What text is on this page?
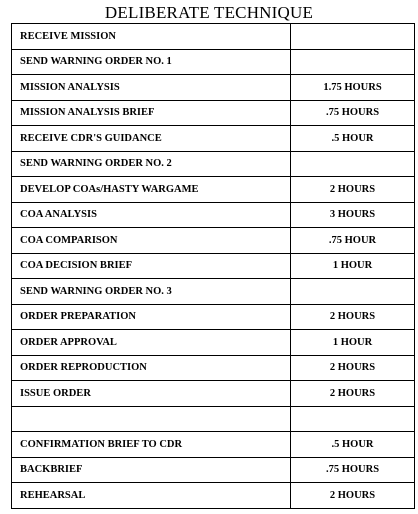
DELIBERATE TECHNIQUE
RECEIVE MISSION	
SEND WARNING ORDER NO. 1	
MISSION ANALYSIS	1.75 HOURS
MISSION ANALYSIS BRIEF	.75 HOURS
RECEIVE CDR'S GUIDANCE	.5 HOUR
SEND WARNING ORDER NO. 2	
DEVELOP COAs/HASTY WARGAME	2 HOURS
COA ANALYSIS	3 HOURS
COA COMPARISON	.75 HOUR
COA DECISION BRIEF	1 HOUR
SEND WARNING ORDER NO. 3	
ORDER PREPARATION	2 HOURS
ORDER APPROVAL	1 HOUR
ORDER REPRODUCTION	2 HOURS
ISSUE ORDER	2 HOURS

CONFIRMATION BRIEF TO CDR	.5 HOUR
BACKBRIEF	.75 HOURS
REHEARSAL	2 HOURS
